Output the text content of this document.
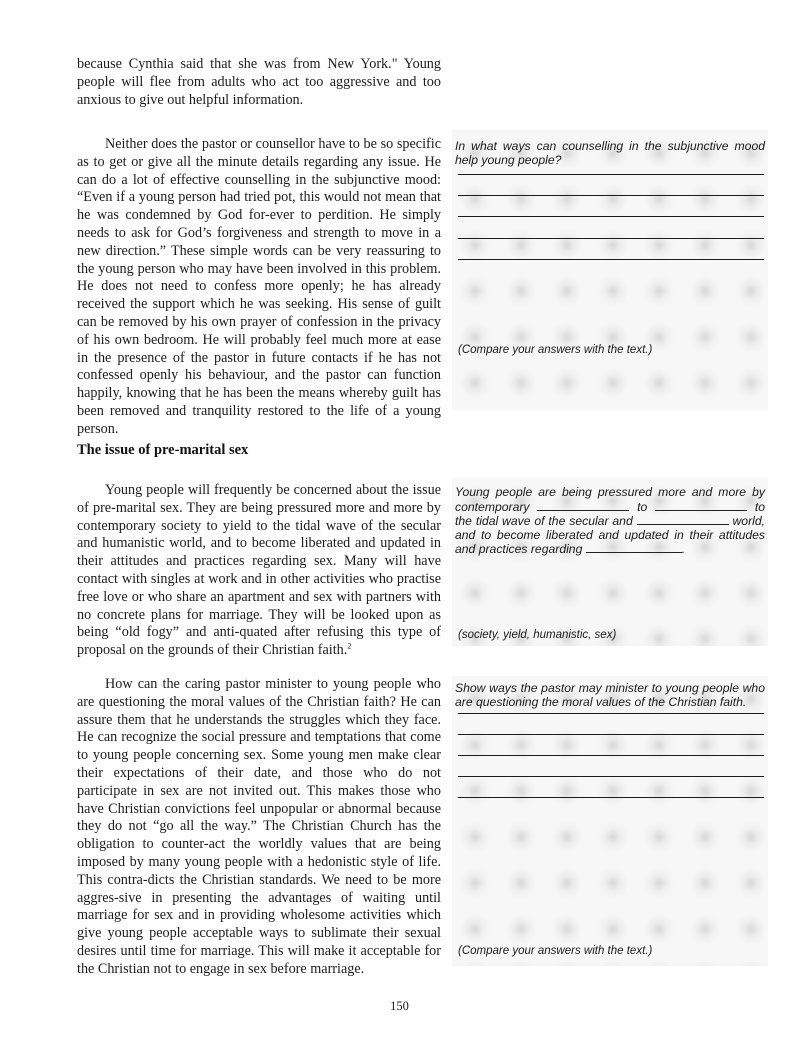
because Cynthia said that she was from New York." Young people will flee from adults who act too aggressive and too anxious to give out helpful information.

Neither does the pastor or counsellor have to be so specific as to get or give all the minute details regarding any issue. He can do a lot of effective counselling in the subjunctive mood: “Even if a young person had tried pot, this would not mean that he was condemned by God for-ever to perdition. He simply needs to ask for God’s forgiveness and strength to move in a new direction.” These simple words can be very reassuring to the young person who may have been involved in this problem. He does not need to confess more openly; he has already received the support which he was seeking. His sense of guilt can be removed by his own prayer of confession in the privacy of his own bedroom. He will probably feel much more at ease in the presence of the pastor in future contacts if he has not confessed openly his behaviour, and the pastor can function happily, knowing that he has been the means whereby guilt has been removed and tranquility restored to the life of a young person.

The issue of pre-marital sex

Young people will frequently be concerned about the issue of pre-marital sex. They are being pressured more and more by contemporary society to yield to the tidal wave of the secular and humanistic world, and to become liberated and updated in their attitudes and practices regarding sex. Many will have contact with singles at work and in other activities who practise free love or who share an apartment and sex with partners with no concrete plans for marriage. They will be looked upon as being “old fogy” and anti-quated after refusing this type of proposal on the grounds of their Christian faith.$^2$

How can the caring pastor minister to young people who are questioning the moral values of the Christian faith? He can assure them that he understands the struggles which they face. He can recognize the social pressure and temptations that come to young people concerning sex. Some young men make clear their expectations of their date, and those who do not participate in sex are not invited out. This makes those who have Christian convictions feel unpopular or abnormal because they do not “go all the way.” The Christian Church has the obligation to counter-act the worldly values that are being imposed by many young people with a hedonistic style of life. This contra-dicts the Christian standards. We need to be more aggres-sive in presenting the advantages of waiting until marriage for sex and in providing wholesome activities which give young people acceptable ways to sublimate their sexual desires until time for marriage. This will make it acceptable for the Christian not to engage in sex before marriage.

In what ways can counselling in the subjunctive mood help young people?

(Compare your answers with the text.)

Young people are being pressured more and more by contemporary	to	to the tidal wave of the secular and	world, and to become liberated and updated in their attitudes and practices regarding	.

(society, yield, humanistic, sex)

Show ways the pastor may minister to young people who are questioning the moral values of the Christian faith.

(Compare your answers with the text.)

150
